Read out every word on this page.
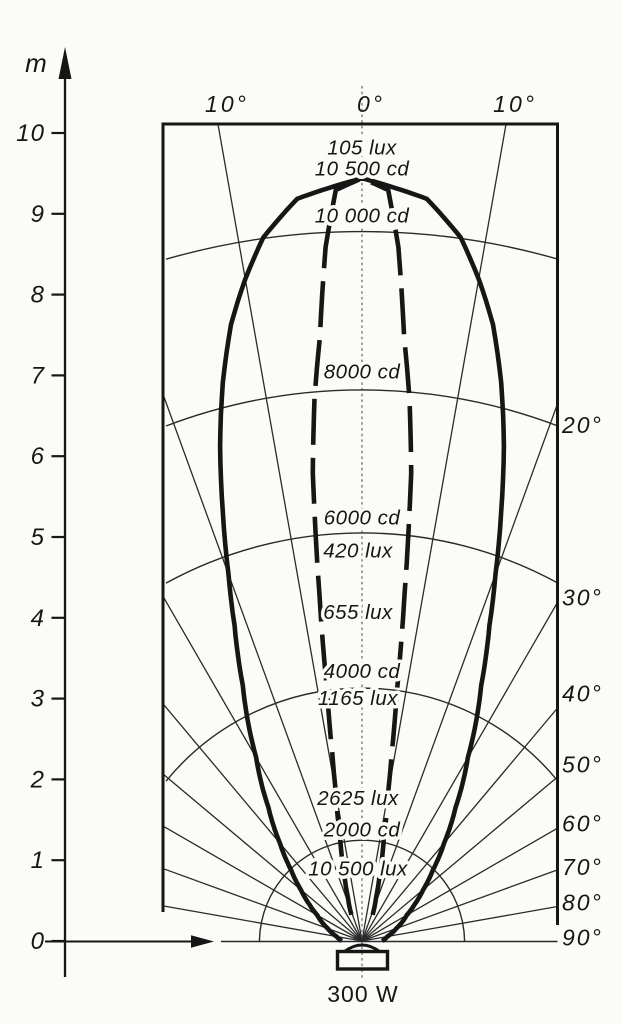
m
0
1
2
3
4
5
6
7
8
9
10
300 W
105 lux
10 500 cd
10 000 cd
8000 cd
6000 cd
4000 cd
2000 cd
420 lux
655 lux
1165 lux
2625 lux
10 500 lux
10°	0°	10°
20°
30°
40°
50°
60°
70°
80°
90°
